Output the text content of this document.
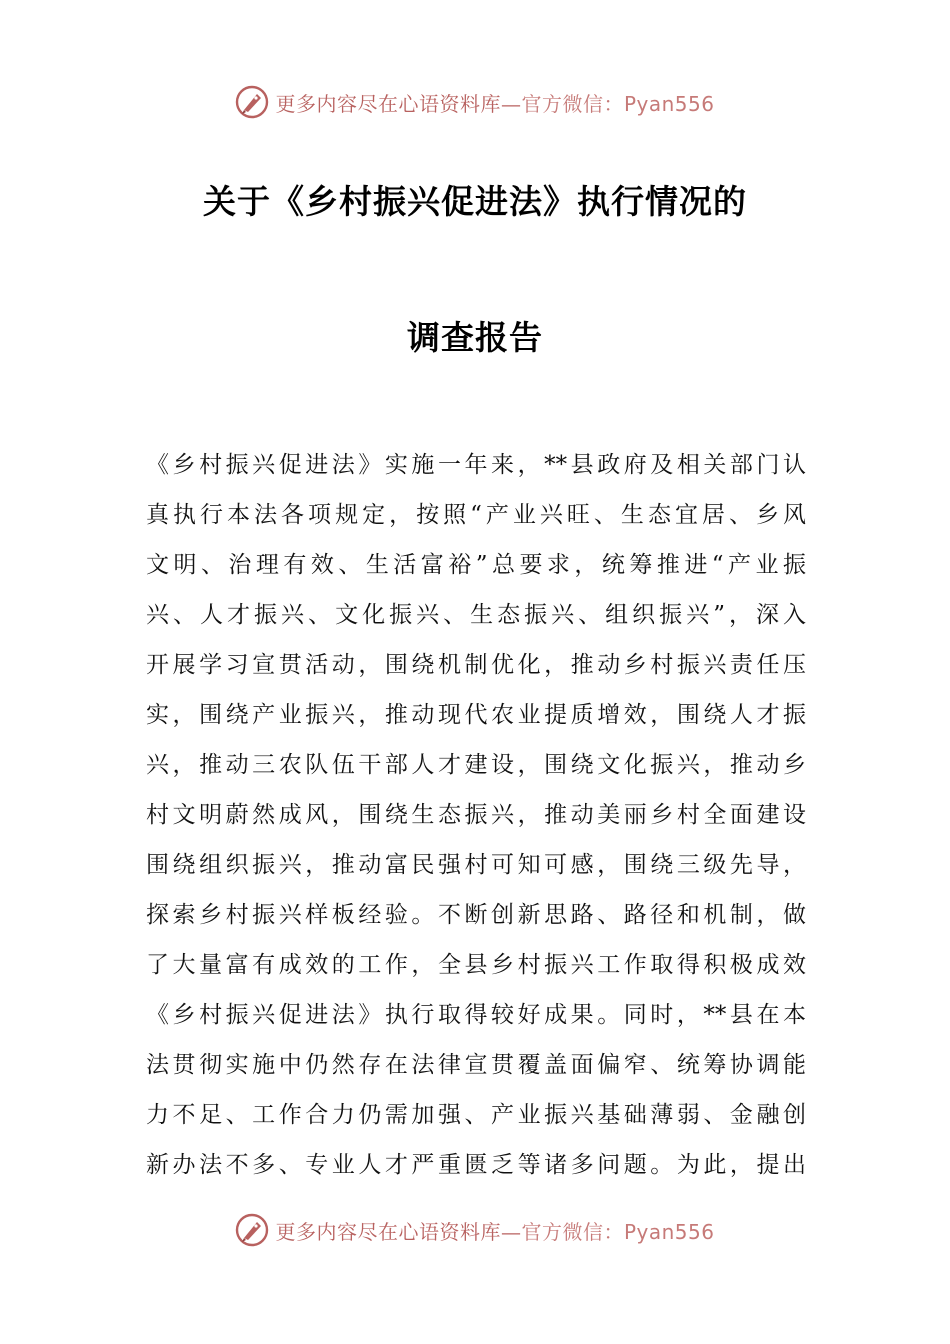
更多内容尽在心语资料库— 官方微信：Pyan556
关于《乡村振兴促进法》执行情况的
调查报告
《乡村振兴促进法》实施一年来，**县政府及相关部门认
真执行本法各项规定，按照“产业兴旺、生态宜居、乡风
文明、治理有效、生活富裕”总要求，统筹推进“产业振
兴、人才振兴、文化振兴、生态振兴、组织振兴”，深入
开展学习宣贯活动，围绕机制优化，推动乡村振兴责任压
实，围绕产业振兴，推动现代农业提质增效，围绕人才振
兴，推动三农队伍干部人才建设，围绕文化振兴，推动乡
村文明蔚然成风，围绕生态振兴，推动美丽乡村全面建设
围绕组织振兴，推动富民强村可知可感，围绕三级先导，
探索乡村振兴样板经验。不断创新思路、路径和机制，做
了大量富有成效的工作，全县乡村振兴工作取得积极成效
《乡村振兴促进法》执行取得较好成果。同时，**县在本
法贯彻实施中仍然存在法律宣贯覆盖面偏窄、统筹协调能
力不足、工作合力仍需加强、产业振兴基础薄弱、金融创
新办法不多、专业人才严重匮乏等诸多问题。为此，提出
更多内容尽在心语资料库— 官方微信：Pyan556
